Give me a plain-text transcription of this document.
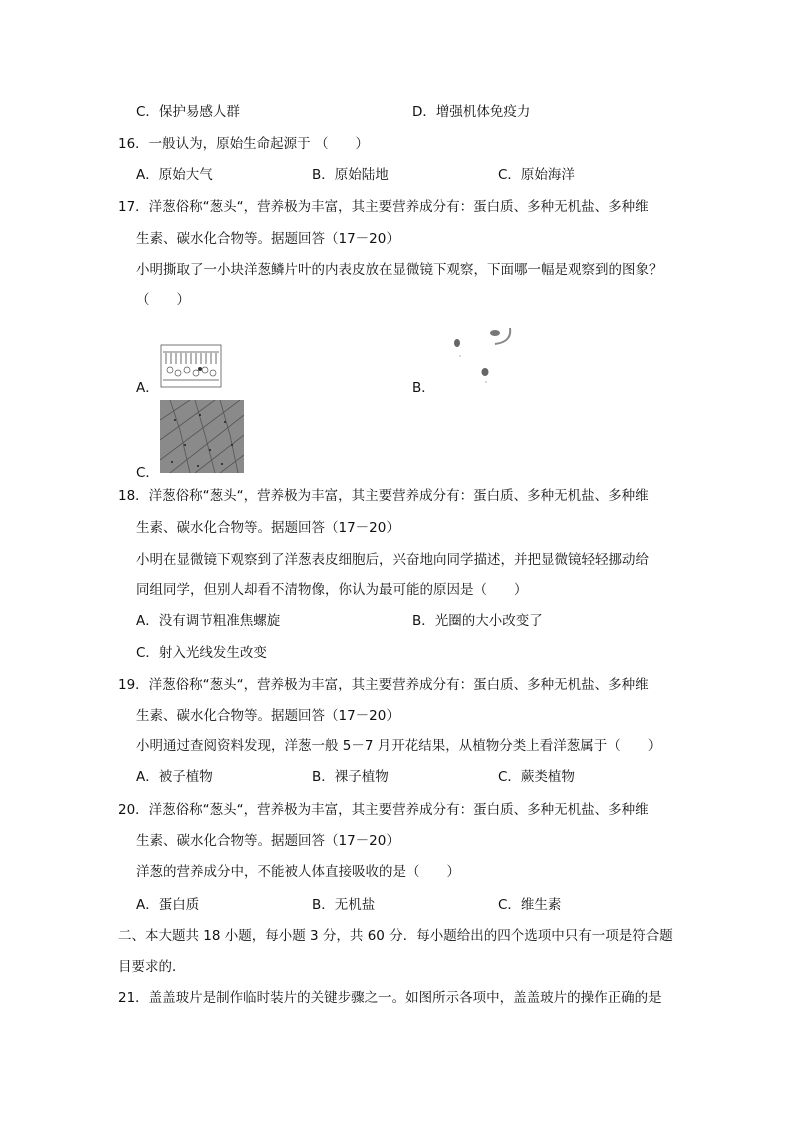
C．保护易感人群	D．增强机体免疫力
16．一般认为，原始生命起源于 （　　）
A．原始大气	B．原始陆地	C．原始海洋
17．洋葱俗称“葱头“，营养极为丰富，其主要营养成分有：蛋白质、多种无机盐、多种维
生素、碳水化合物等。据题回答（17－20）
小明撕取了一小块洋葱鳞片叶的内表皮放在显微镜下观察，下面哪一幅是观察到的图象？
（　　）
A．	B．
C．
18．洋葱俗称“葱头“，营养极为丰富，其主要营养成分有：蛋白质、多种无机盐、多种维
生素、碳水化合物等。据题回答（17－20）
小明在显微镜下观察到了洋葱表皮细胞后，兴奋地向同学描述，并把显微镜轻轻挪动给
同组同学，但别人却看不清物像，你认为最可能的原因是（　　）
A．没有调节粗准焦螺旋	B．光圈的大小改变了
C．射入光线发生改变
19．洋葱俗称“葱头“，营养极为丰富，其主要营养成分有：蛋白质、多种无机盐、多种维
生素、碳水化合物等。据题回答（17－20）
小明通过查阅资料发现，洋葱一般 5－7 月开花结果，从植物分类上看洋葱属于（　　）
A．被子植物	B．裸子植物	C．蕨类植物
20．洋葱俗称“葱头“，营养极为丰富，其主要营养成分有：蛋白质、多种无机盐、多种维
生素、碳水化合物等。据题回答（17－20）
洋葱的营养成分中，不能被人体直接吸收的是（　　）
A．蛋白质	B．无机盐	C．维生素
二、本大题共 18 小题，每小题 3 分，共 60 分．每小题给出的四个选项中只有一项是符合题
目要求的．
21．盖盖玻片是制作临时装片的关键步骤之一。如图所示各项中，盖盖玻片的操作正确的是
